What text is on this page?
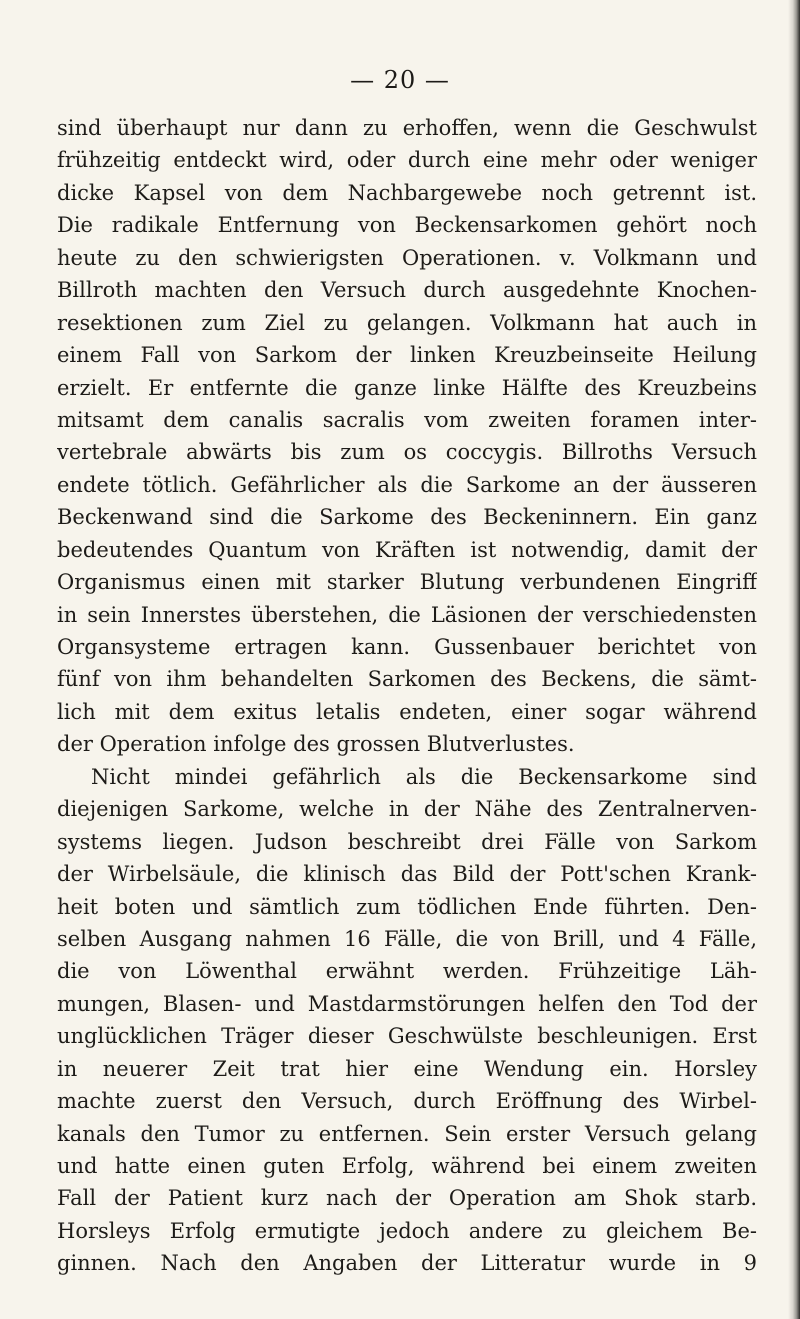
— 20 —
sind überhaupt nur dann zu erhoffen, wenn die Geschwulst
frühzeitig entdeckt wird, oder durch eine mehr oder weniger
dicke Kapsel von dem Nachbargewebe noch getrennt ist.
Die radikale Entfernung von Beckensarkomen gehört noch
heute zu den schwierigsten Operationen. v. Volkmann und
Billroth machten den Versuch durch ausgedehnte Knochen-
resektionen zum Ziel zu gelangen. Volkmann hat auch in
einem Fall von Sarkom der linken Kreuzbeinseite Heilung
erzielt. Er entfernte die ganze linke Hälfte des Kreuzbeins
mitsamt dem canalis sacralis vom zweiten foramen inter-
vertebrale abwärts bis zum os coccygis. Billroths Versuch
endete tötlich. Gefährlicher als die Sarkome an der äusseren
Beckenwand sind die Sarkome des Beckeninnern. Ein ganz
bedeutendes Quantum von Kräften ist notwendig, damit der
Organismus einen mit starker Blutung verbundenen Eingriff
in sein Innerstes überstehen, die Läsionen der verschiedensten
Organsysteme ertragen kann. Gussenbauer berichtet von
fünf von ihm behandelten Sarkomen des Beckens, die sämt-
lich mit dem exitus letalis endeten, einer sogar während
der Operation infolge des grossen Blutverlustes.
Nicht mindei gefährlich als die Beckensarkome sind
diejenigen Sarkome, welche in der Nähe des Zentralnerven-
systems liegen. Judson beschreibt drei Fälle von Sarkom
der Wirbelsäule, die klinisch das Bild der Pott'schen Krank-
heit boten und sämtlich zum tödlichen Ende führten. Den-
selben Ausgang nahmen 16 Fälle, die von Brill, und 4 Fälle,
die von Löwenthal erwähnt werden. Frühzeitige Läh-
mungen, Blasen- und Mastdarmstörungen helfen den Tod der
unglücklichen Träger dieser Geschwülste beschleunigen. Erst
in neuerer Zeit trat hier eine Wendung ein. Horsley
machte zuerst den Versuch, durch Eröffnung des Wirbel-
kanals den Tumor zu entfernen. Sein erster Versuch gelang
und hatte einen guten Erfolg, während bei einem zweiten
Fall der Patient kurz nach der Operation am Shok starb.
Horsleys Erfolg ermutigte jedoch andere zu gleichem Be-
ginnen. Nach den Angaben der Litteratur wurde in 9
